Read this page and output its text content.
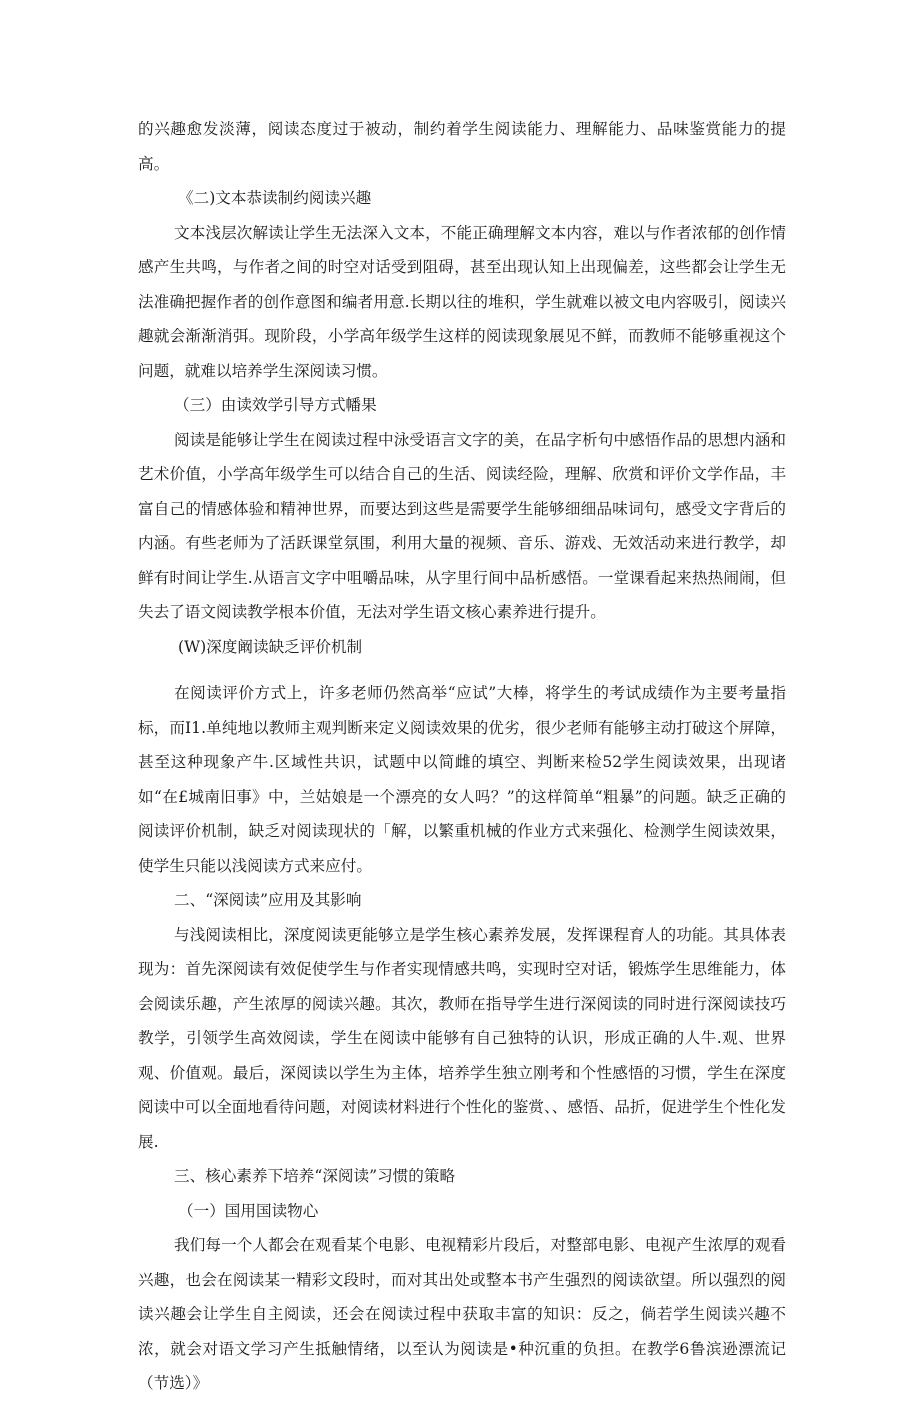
的兴趣愈发淡薄，阅读态度过于被动，制约着学生阅读能力、理解能力、品味鉴赏能力的提高。

《二)文本恭读制约阅读兴趣

文本浅层次解读让学生无法深入文本，不能正确理解文本内容，难以与作者浓郁的创作情感产生共鸣，与作者之间的时空对话受到阻碍，甚至出现认知上出现偏差，这些都会让学生无法准确把握作者的创作意图和编者用意.长期以往的堆积，学生就难以被文电内容吸引，阅读兴趣就会渐渐消弭。现阶段，小学高年级学生这样的阅读现象展见不鲜，而教师不能够重视这个问题，就难以培养学生深阅读习惯。

（三）由读效学引导方式幡果

阅读是能够让学生在阅读过程中泳受语言文字的美，在品字析句中感悟作品的思想内涵和艺术价值，小学高年级学生可以结合自己的生活、阅读经险，理解、欣赏和评价文学作品，丰富自己的情感体验和精神世界，而要达到这些是需要学生能够细细品味词句，感受文字背后的内涵。有些老师为了活跃课堂氛围，利用大量的视频、音乐、游戏、无效活动来进行教学，却鲜有时间让学生.从语言文字中咀嚼品味，从字里行间中品析感悟。一堂课看起来热热闹闹，但失去了语文阅读教学根本价值，无法对学生语文核心素养进行提升。

(W)深度阚读缺乏评价机制

在阅读评价方式上，许多老师仍然高举“应试”大棒，将学生的考试成绩作为主要考量指标，而I1.单纯地以教师主观判断来定义阅读效果的优劣，很少老师有能够主动打破这个屏障，甚至这种现象产牛.区域性共识，试题中以简雌的填空、判断来检52学生阅读效果，出现诸如“在£城南旧事》中，兰姑娘是一个漂亮的女人吗？”的这样简单“粗暴”的问题。缺乏正确的阅读评价机制，缺乏对阅读现状的「解，以繁重机械的作业方式来强化、检测学生阅读效果，使学生只能以浅阅读方式来应付。

二、“深阅读”应用及其影响

与浅阅读相比，深度阅读更能够立是学生核心素养发展，发挥课程育人的功能。其具体表现为：首先深阅读有效促使学生与作者实现情感共鸣，实现时空对话，锻炼学生思维能力，体会阅读乐趣，产生浓厚的阅读兴趣。其次，教师在指导学生进行深阅读的同时进行深阅读技巧教学，引领学生高效阅读，学生在阅读中能够有自己独特的认识，形成正确的人牛.观、世界观、价值观。最后，深阅读以学生为主体，培养学生独立刚考和个性感悟的习惯，学生在深度阅读中可以全面地看待问题，对阅读材料进行个性化的鉴赏、、感悟、品折，促进学生个性化发展.

三、核心素养下培养“深阅读”习惯的策略

（一）国用国读物心

我们每一个人都会在观看某个电影、电视精彩片段后，对整部电影、电视产生浓厚的观看兴趣，也会在阅读某一精彩文段时，而对其出处或整本书产生强烈的阅读欲望。所以强烈的阅读兴趣会让学生自主阅读，还会在阅读过程中获取丰富的知识：反之，倘若学生阅读兴趣不浓，就会对语文学习产生抵触情绪，以至认为阅读是•种沉重的负担。在教学6鲁滨逊漂流记（节选）》
